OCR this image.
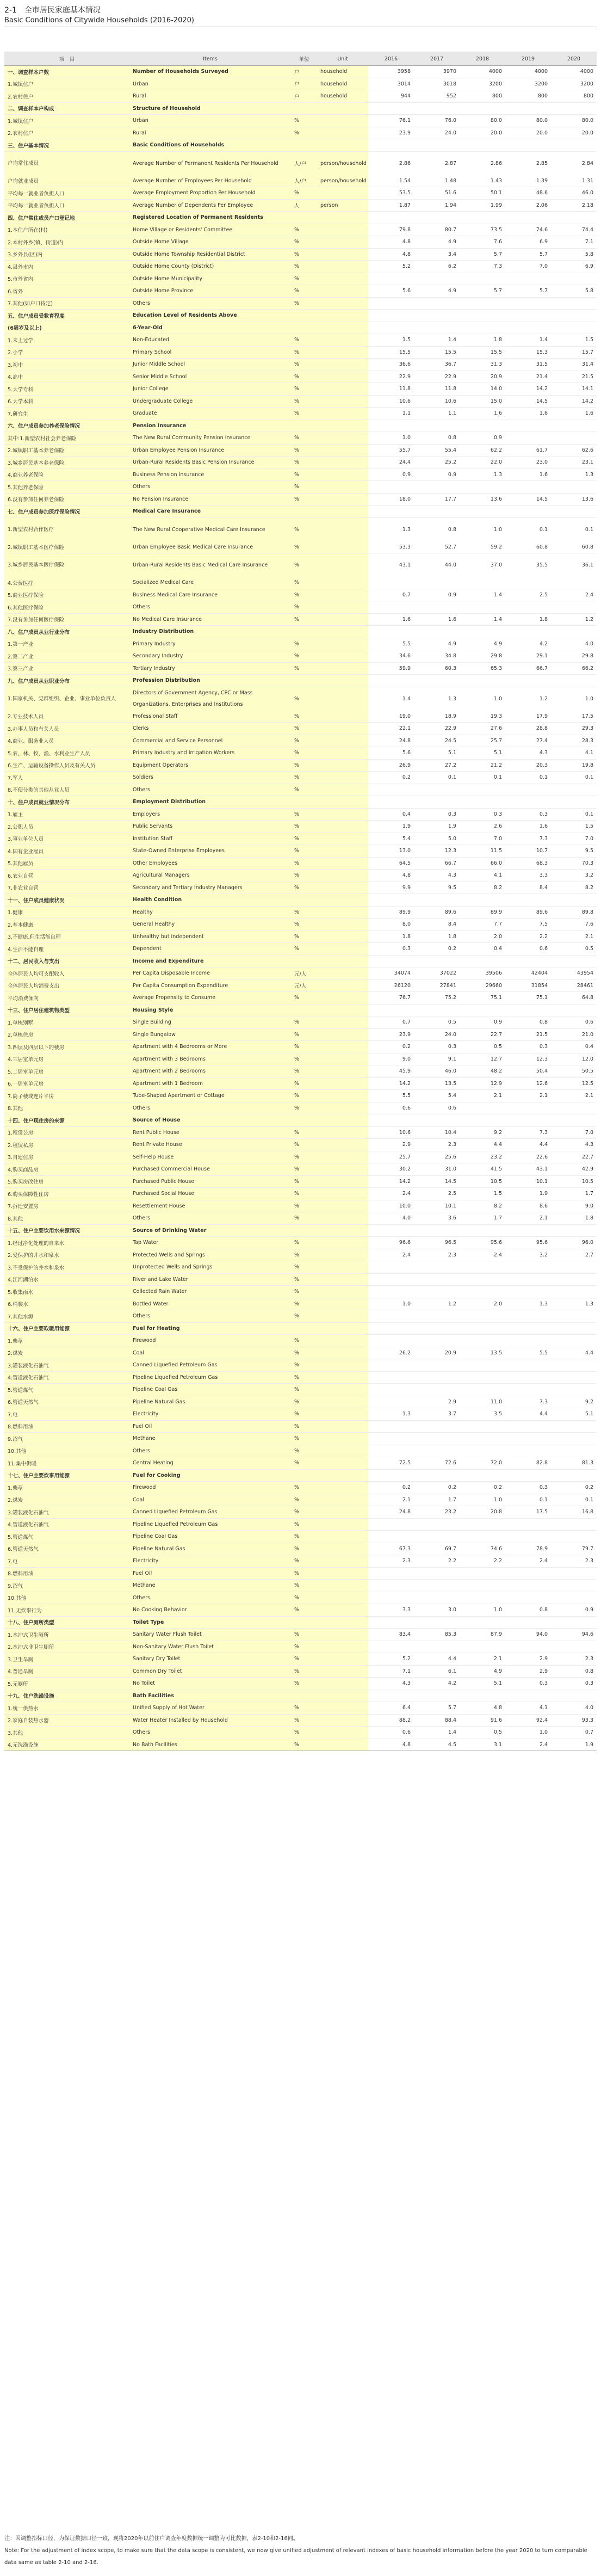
2-1　 全市居民家庭基本情况
Basic Conditions of Citywide Households (2016-2020)
项　目	Items	单位	Unit	2016	2017	2018	2019	2020
一、调查样本户数	Number of Households Surveyed	户	household	3958	3970	4000	4000	4000
1.城镇住户	Urban	户	household	3014	3018	3200	3200	3200
2.农村住户	Rural	户	household	944	952	800	800	800
二、调查样本户构成	Structure of Household							
1.城镇住户	Urban	%		76.1	76.0	80.0	80.0	80.0
2.农村住户	Rural	%		23.9	24.0	20.0	20.0	20.0
三、住户基本情况	Basic Conditions of Households							
户均常住成员	Average Number of Permanent Residents Per Household	人/户	person/household	2.86	2.87	2.86	2.85	2.84
户均就业成员	Average Number of Employees Per Household	人/户	person/household	1.54	1.48	1.43	1.39	1.31
平均每一就业者负担人口	Average Employment Proportion Per Household	%		53.5	51.6	50.1	48.6	46.0
平均每一就业者负担人口	Average Number of Dependents Per Employee	人	person	1.87	1.94	1.99	2.06	2.18
四、住户常住成员户口登记地	Registered Location of Permanent Residents							
1.本住户所在(村)	Home Village or Residents' Committee	%		79.8	80.7	73.5	74.6	74.4
2.本村外乡(镇、街道)内	Outside Home Village	%		4.8	4.9	7.6	6.9	7.1
3.乡外县(区)内	Outside Home Township Residential District	%		4.8	3.4	5.7	5.7	5.8
4.县外市内	Outside Home County (District)	%		5.2	6.2	7.3	7.0	6.9
5.市外省内	Outside Home Municipality	%						
6.省外	Outside Home Province	%		5.6	4.9	5.7	5.7	5.8
7.其他(如户口待定)	Others	%						
五、住户成员受教育程度	Education Level of Residents Above							
(6周岁及以上)	6-Year-Old							
1.未上过学	Non-Educated	%		1.5	1.4	1.8	1.4	1.5
2.小学	Primary School	%		15.5	15.5	15.5	15.3	15.7
3.初中	Junior Middle School	%		36.6	36.7	31.3	31.5	31.4
4.高中	Senior Middle School	%		22.9	22.9	20.9	21.4	21.5
5.大学专科	Junior College	%		11.8	11.8	14.0	14.2	14.1
6.大学本科	Undergraduate College	%		10.6	10.6	15.0	14.5	14.2
7.研究生	Graduate	%		1.1	1.1	1.6	1.6	1.6
六、住户成员参加养老保险情况	Pension Insurance							
其中:1.新型农村社会养老保险	The New Rural Community Pension Insurance	%		1.0	0.8	0.9		
2.城镇职工基本养老保险	Urban Employee Pension Insurance	%		55.7	55.4	62.2	61.7	62.6
3.城乡居民基本养老保险	Urban-Rural Residents Basic Pension Insurance	%		24.4	25.2	22.0	23.0	23.1
4.商业养老保险	Business Pension Insurance	%		0.9	0.9	1.3	1.6	1.3
5.其他养老保险	Others	%						
6.没有参加任何养老保险	No Pension Insurance	%		18.0	17.7	13.6	14.5	13.6
七、住户成员参加医疗保险情况	Medical Care Insurance							
1.新型农村合作医疗	The New Rural Cooperative Medical Care Insurance	%		1.3	0.8	1.0	0.1	0.1
2.城镇职工基本医疗保险	Urban Employee Basic Medical Care Insurance	%		53.3	52.7	59.2	60.8	60.8
3.城乡居民基本医疗保险	Urban-Rural Residents Basic Medical Care Insurance	%		43.1	44.0	37.0	35.5	36.1
4.公费医疗	Socialized Medical Care	%						
5.商业医疗保险	Business Medical Care Insurance	%		0.7	0.9	1.4	2.5	2.4
6.其他医疗保险	Others	%						
7.没有参加任何医疗保险	No Medical Care Insurance	%		1.6	1.6	1.4	1.8	1.2
八、住户成员从业行业分布	Industry Distribution							
1.第一产业	Primary Industry	%		5.5	4.9	4.9	4.2	4.0
2.第二产业	Secondary Industry	%		34.6	34.8	29.8	29.1	29.8
3.第三产业	Tertiary Industry	%		59.9	60.3	65.3	66.7	66.2
九、住户成员从业职业分布	Profession Distribution							
1.国家机关、党群组织、企业、事业单位负责人	Directors of Government Agency, CPC or Mass Organizations, Enterprises and Institutions	%		1.4	1.3	1.0	1.2	1.0
2.专业技术人员	Professional Staff	%		19.0	18.9	19.3	17.9	17.5
3.办事人员和有关人员	Clerks	%		22.1	22.9	27.6	28.8	29.3
4.商业、服务业人员	Commercial and Service Personnel	%		24.8	24.5	25.7	27.4	28.3
5.农、林、牧、渔、水利业生产人员	Primary Industry and Irrigation Workers	%		5.6	5.1	5.1	4.3	4.1
6.生产、运输设备操作人员及有关人员	Equipment Operators	%		26.9	27.2	21.2	20.3	19.8
7.军人	Soldiers	%		0.2	0.1	0.1	0.1	0.1
8.不便分类的其他从业人员	Others	%						
十、住户成员就业情况分布	Employment Distribution							
1.雇主	Employers	%		0.4	0.3	0.3	0.3	0.1
2.公职人员	Public Servants	%		1.9	1.9	2.6	1.6	1.5
3.事业单位人员	Institution Staff	%		5.4	5.0	7.0	7.3	7.0
4.国有企业雇员	State-Owned Enterprise Employees	%		13.0	12.3	11.5	10.7	9.5
5.其他雇员	Other Employees	%		64.5	66.7	66.0	68.3	70.3
6.农业自营	Agricultural Managers	%		4.8	4.3	4.1	3.3	3.2
7.非农业自营	Secondary and Tertiary Industry Managers	%		9.9	9.5	8.2	8.4	8.2
十一、住户成员健康状况	Health Condition							
1.健康	Healthy	%		89.9	89.6	89.9	89.6	89.8
2.基本健康	General Healthy	%		8.0	8.4	7.7	7.5	7.6
3.不健康,但生活能自理	Unhealthy but Independent	%		1.8	1.8	2.0	2.2	2.1
4.生活不能自理	Dependent	%		0.3	0.2	0.4	0.6	0.5
十二、居民收入与支出	Income and Expenditure							
全体居民人均可支配收入	Per Capita Disposable Income	元/人		34074	37022	39506	42404	43954
全体居民人均消费支出	Per Capita Consumption Expenditure	元/人		26120	27841	29660	31854	28461
平均消费倾向	Average Propensity to Consume	%		76.7	75.2	75.1	75.1	64.8
十三、住户居住建筑物类型	Housing Style							
1.单栋别墅	Single Building	%		0.7	0.5	0.9	0.8	0.6
2.单栋住房	Single Bungalow	%		23.9	24.0	22.7	21.5	21.0
3.四层及四层以下的楼房	Apartment with 4 Bedrooms or More	%		0.2	0.3	0.5	0.3	0.4
4.三居室单元房	Apartment with 3 Bedrooms	%		9.0	9.1	12.7	12.3	12.0
5.二居室单元房	Apartment with 2 Bedrooms	%		45.9	46.0	48.2	50.4	50.5
6.一居室单元房	Apartment with 1 Bedroom	%		14.2	13.5	12.9	12.6	12.5
7.筒子楼或连片平房	Tube-Shaped Apartment or Cottage	%		5.5	5.4	2.1	2.1	2.1
8.其他	Others	%		0.6	0.6			
十四、住户现住房的来源	Source of House							
1.租赁公房	Rent Public House	%		10.6	10.4	9.2	7.3	7.0
2.租赁私房	Rent Private House	%		2.9	2.3	4.4	4.4	4.3
3.自建住房	Self-Help House	%		25.7	25.6	23.2	22.6	22.7
4.购买商品房	Purchased Commercial House	%		30.2	31.0	41.5	43.1	42.9
5.购买房改住房	Purchased Public House	%		14.2	14.5	10.5	10.1	10.5
6.购买保障性住房	Purchased Social House	%		2.4	2.5	1.5	1.9	1.7
7.拆迁安置房	Resettlement House	%		10.0	10.1	8.2	8.6	9.0
8.其他	Others	%		4.0	3.6	1.7	2.1	1.8
十五、住户主要饮用水来源情况	Source of Drinking Water							
1.经过净化处理的自来水	Tap Water	%		96.6	96.5	95.6	95.6	96.0
2.受保护的井水和泉水	Protected Wells and Springs	%		2.4	2.3	2.4	3.2	2.7
3.不受保护的井水和泉水	Unprotected Wells and Springs	%						
4.江河湖泊水	River and Lake Water	%						
5.收集雨水	Collected Rain Water	%						
6.桶装水	Bottled Water	%		1.0	1.2	2.0	1.3	1.3
7.其他水源	Others	%						
十六、住户主要取暖用能源	Fuel for Heating							
1.柴草	Firewood	%						
2.煤炭	Coal	%		26.2	20.9	13.5	5.5	4.4
3.罐装液化石油气	Canned Liquefied Petroleum Gas	%						
4.管道液化石油气	Pipeline Liquefied Petroleum Gas	%						
5.管道煤气	Pipeline Coal Gas	%						
6.管道天然气	Pipeline Natural Gas	%			2.9	11.0	7.3	9.2
7.电	Electricity	%		1.3	3.7	3.5	4.4	5.1
8.燃料用油	Fuel Oil	%						
9.沼气	Methane	%						
10.其他	Others	%						
11.集中供暖	Central Heating	%		72.5	72.6	72.0	82.8	81.3
十七、住户主要炊事用能源	Fuel for Cooking							
1.柴草	Firewood	%		0.2	0.2	0.2	0.3	0.2
2.煤炭	Coal	%		2.1	1.7	1.0	0.1	0.1
3.罐装液化石油气	Canned Liquefied Petroleum Gas	%		24.8	23.2	20.8	17.5	16.8
4.管道液化石油气	Pipeline Liquefied Petroleum Gas	%						
5.管道煤气	Pipeline Coal Gas	%						
6.管道天然气	Pipeline Natural Gas	%		67.3	69.7	74.6	78.9	79.7
7.电	Electricity	%		2.3	2.2	2.2	2.4	2.3
8.燃料用油	Fuel Oil	%						
9.沼气	Methane	%						
10.其他	Others	%						
11.无炊事行为	No Cooking Behavior	%		3.3	3.0	1.0	0.8	0.9
十八、住户厕所类型	Toilet Type							
1.水冲式卫生厕所	Sanitary Water Flush Toilet	%		83.4	85.3	87.9	94.0	94.6
2.水冲式非卫生厕所	Non-Sanitary Water Flush Toilet	%						
3.卫生旱厕	Sanitary Dry Toilet	%		5.2	4.4	2.1	2.9	2.3
4.普通旱厕	Common Dry Toilet	%		7.1	6.1	4.9	2.9	0.8
5.无厕所	No Toilet	%		4.3	4.2	5.1	0.3	0.3
十九、住户洗澡设施	Bath Facilities							
1.统一供热水	Unified Supply of Hot Water	%		6.4	5.7	4.8	4.1	4.0
2.家庭自装热水器	Water Heater Installed by Household	%		88.2	88.4	91.6	92.4	93.3
3.其他	Others	%		0.6	1.4	0.5	1.0	0.7
4.无洗澡设施	No Bath Facilities	%		4.8	4.5	3.1	2.4	1.9
注：因调整指标口径，为保证数据口径一致，现将2020年以前住户调查年度数据统一调整为可比数据，表2-10和2-16同。
Note: For the adjustment of index scope, to make sure that the data scope is consistent, we now give unified adjustment of relevant indexes of basic household information before the year 2020 to turn comparable data same as table 2-10 and 2-16.
